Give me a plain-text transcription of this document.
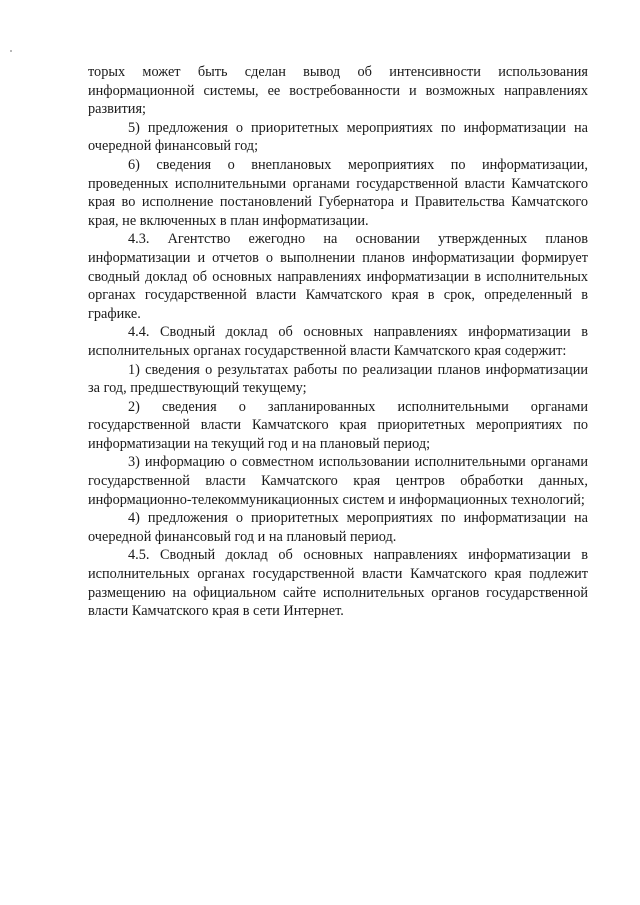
торых может быть сделан вывод об интенсивности использования информационной системы, ее востребованности и возможных направлениях развития;

5) предложения о приоритетных мероприятиях по информатизации на очередной финансовый год;

6) сведения о внеплановых мероприятиях по информатизации, проведенных исполнительными органами государственной власти Камчатского края во исполнение постановлений Губернатора и Правительства Камчатского края, не включенных в план информатизации.

4.3. Агентство ежегодно на основании утвержденных планов информатизации и отчетов о выполнении планов информатизации формирует сводный доклад об основных направлениях информатизации в исполнительных органах государственной власти Камчатского края в срок, определенный в графике.

4.4. Сводный доклад об основных направлениях информатизации в исполнительных органах государственной власти Камчатского края содержит:

1) сведения о результатах работы по реализации планов информатизации за год, предшествующий текущему;

2) сведения о запланированных исполнительными органами государственной власти Камчатского края приоритетных мероприятиях по информатизации на текущий год и на плановый период;

3) информацию о совместном использовании исполнительными органами государственной власти Камчатского края центров обработки данных, информационно-телекоммуникационных систем и информационных технологий;

4) предложения о приоритетных мероприятиях по информатизации на очередной финансовый год и на плановый период.

4.5. Сводный доклад об основных направлениях информатизации в исполнительных органах государственной власти Камчатского края подлежит размещению на официальном сайте исполнительных органов государственной власти Камчатского края в сети Интернет.
